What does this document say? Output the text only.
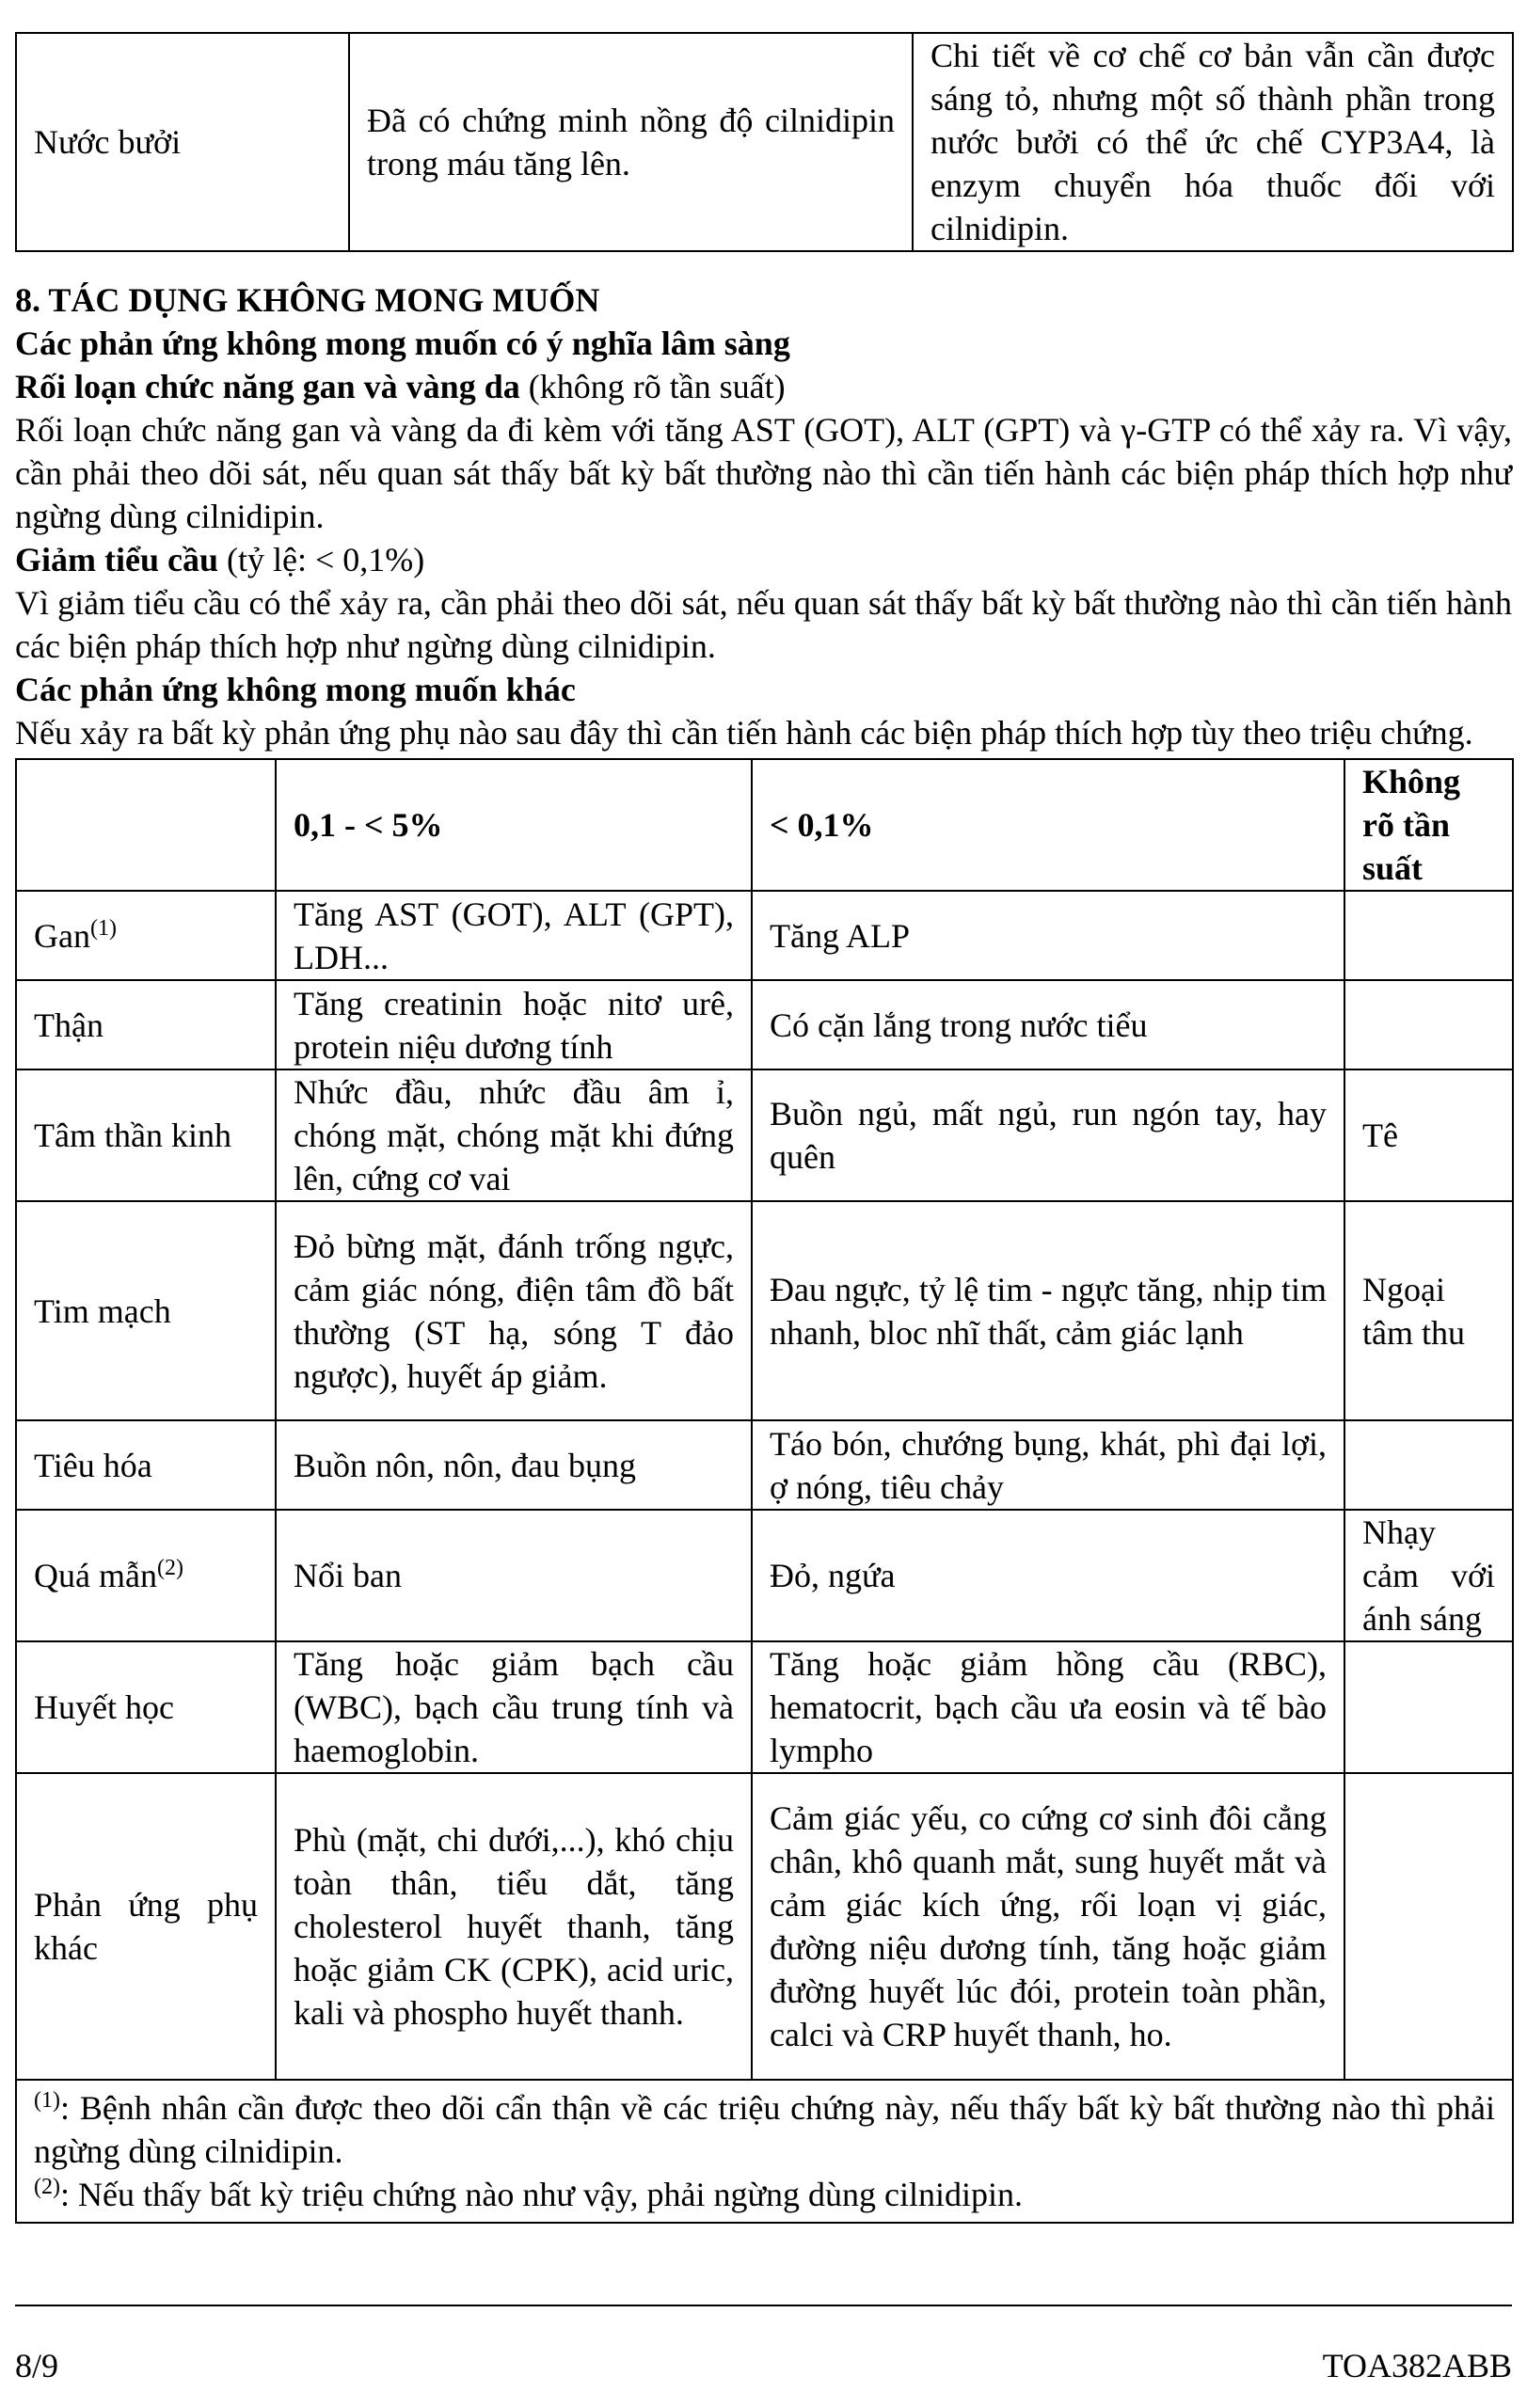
Nước bưởi	Đã có chứng minh nồng độ cilnidipin trong máu tăng lên.	Chi tiết về cơ chế cơ bản vẫn cần được sáng tỏ, nhưng một số thành phần trong nước bưởi có thể ức chế CYP3A4, là enzym chuyển hóa thuốc đối với cilnidipin.

8. TÁC DỤNG KHÔNG MONG MUỐN

Các phản ứng không mong muốn có ý nghĩa lâm sàng

Rối loạn chức năng gan và vàng da (không rõ tần suất)

Rối loạn chức năng gan và vàng da đi kèm với tăng AST (GOT), ALT (GPT) và γ-GTP có thể xảy ra. Vì vậy, cần phải theo dõi sát, nếu quan sát thấy bất kỳ bất thường nào thì cần tiến hành các biện pháp thích hợp như ngừng dùng cilnidipin.

Giảm tiểu cầu (tỷ lệ: < 0,1%)

Vì giảm tiểu cầu có thể xảy ra, cần phải theo dõi sát, nếu quan sát thấy bất kỳ bất thường nào thì cần tiến hành các biện pháp thích hợp như ngừng dùng cilnidipin.

Các phản ứng không mong muốn khác

Nếu xảy ra bất kỳ phản ứng phụ nào sau đây thì cần tiến hành các biện pháp thích hợp tùy theo triệu chứng.

	0,1 - < 5%	< 0,1%	Không rõ tần suất
Gan$^{(1)}$	Tăng AST (GOT), ALT (GPT), LDH...	Tăng ALP	
Thận	Tăng creatinin hoặc nitơ urê, protein niệu dương tính	Có cặn lắng trong nước tiểu	
Tâm thần kinh	Nhức đầu, nhức đầu âm ỉ, chóng mặt, chóng mặt khi đứng lên, cứng cơ vai	Buồn ngủ, mất ngủ, run ngón tay, hay quên	Tê
Tim mạch	Đỏ bừng mặt, đánh trống ngực, cảm giác nóng, điện tâm đồ bất thường (ST hạ, sóng T đảo ngược), huyết áp giảm.	Đau ngực, tỷ lệ tim - ngực tăng, nhịp tim nhanh, bloc nhĩ thất, cảm giác lạnh	Ngoại tâm thu
Tiêu hóa	Buồn nôn, nôn, đau bụng	Táo bón, chướng bụng, khát, phì đại lợi, ợ nóng, tiêu chảy	
Quá mẫn$^{(2)}$	Nổi ban	Đỏ, ngứa	Nhạy cảm với ánh sáng
Huyết học	Tăng hoặc giảm bạch cầu (WBC), bạch cầu trung tính và haemoglobin.	Tăng hoặc giảm hồng cầu (RBC), hematocrit, bạch cầu ưa eosin và tế bào lympho	
Phản ứng phụ khác	Phù (mặt, chi dưới,...), khó chịu toàn thân, tiểu dắt, tăng cholesterol huyết thanh, tăng hoặc giảm CK (CPK), acid uric, kali và phospho huyết thanh.	Cảm giác yếu, co cứng cơ sinh đôi cẳng chân, khô quanh mắt, sung huyết mắt và cảm giác kích ứng, rối loạn vị giác, đường niệu dương tính, tăng hoặc giảm đường huyết lúc đói, protein toàn phần, calci và CRP huyết thanh, ho.	

$^{(1)}$: Bệnh nhân cần được theo dõi cẩn thận về các triệu chứng này, nếu thấy bất kỳ bất thường nào thì phải ngừng dùng cilnidipin.
$^{(2)}$: Nếu thấy bất kỳ triệu chứng nào như vậy, phải ngừng dùng cilnidipin.			
8/9	TOA382ABB
